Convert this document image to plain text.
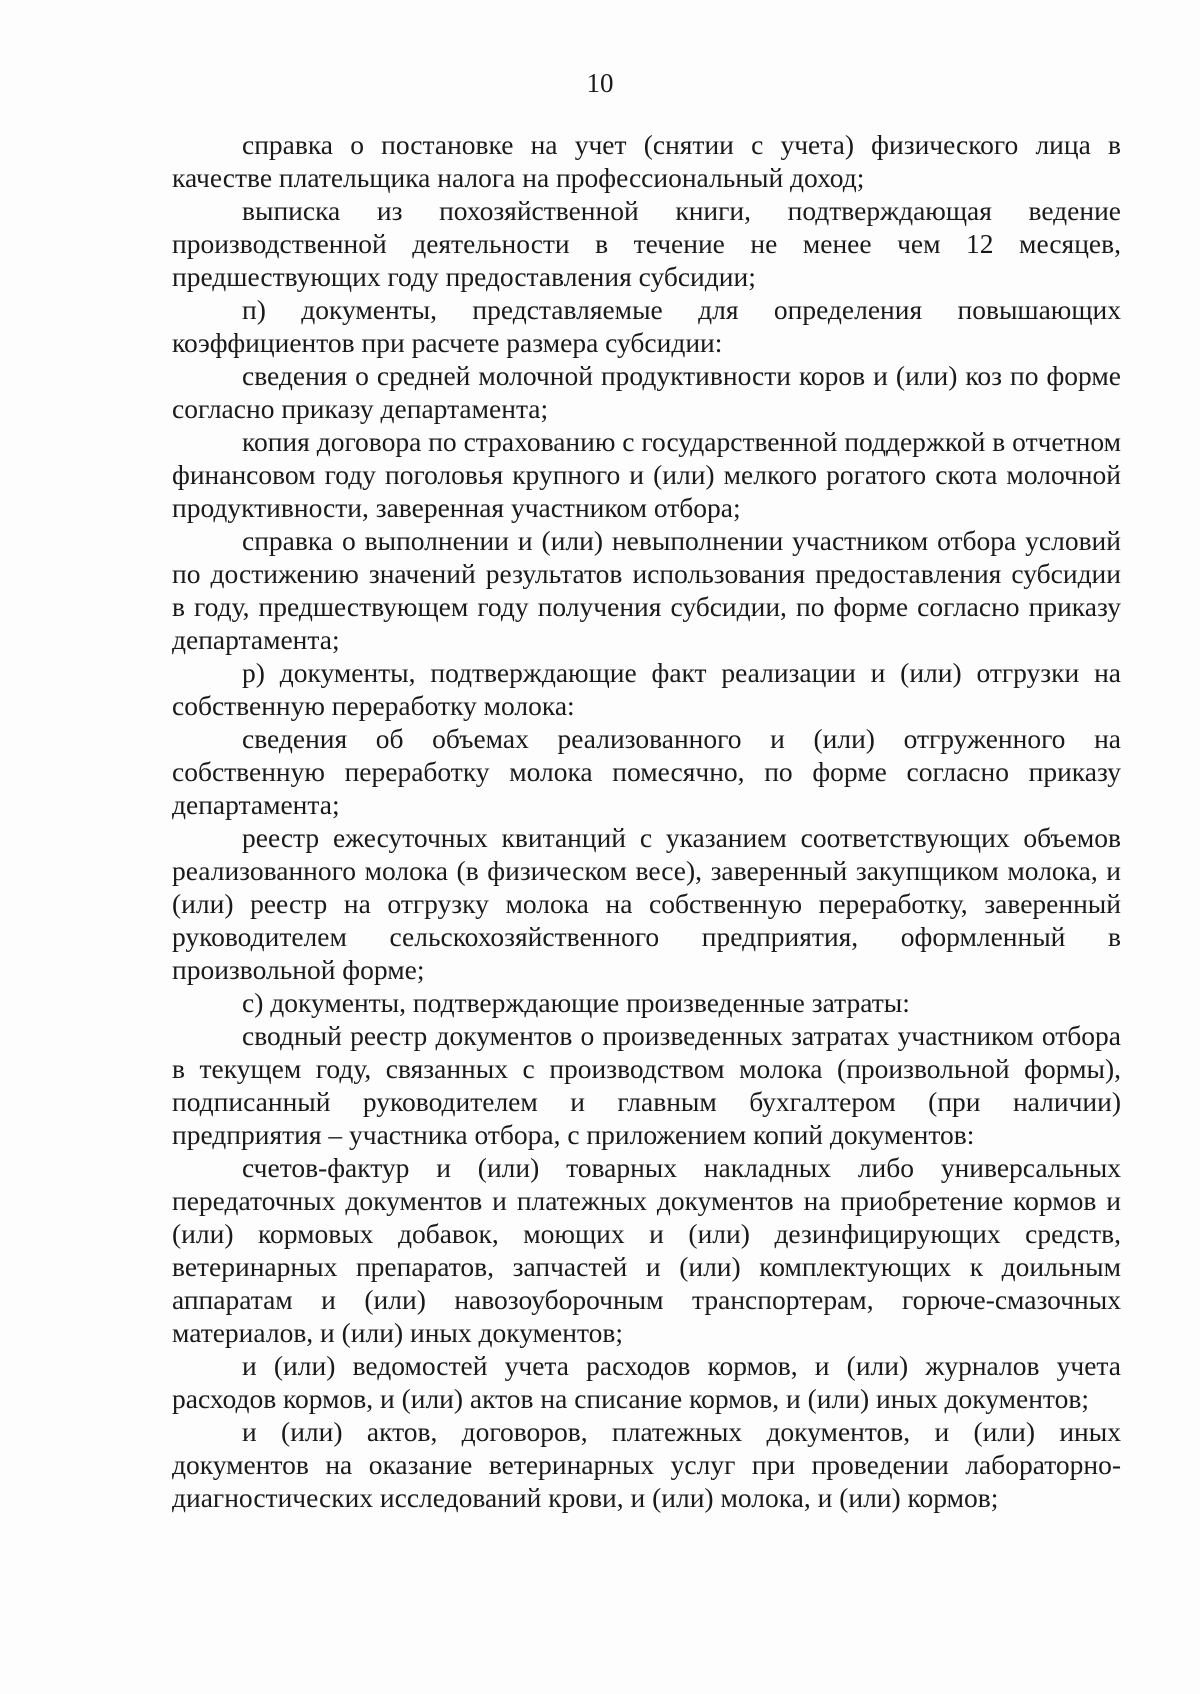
10

справка о постановке на учет (снятии с учета) физического лица в качестве плательщика налога на профессиональный доход;

выписка из похозяйственной книги, подтверждающая ведение производственной деятельности в течение не менее чем 12 месяцев, предшествующих году предоставления субсидии;

п) документы, представляемые для определения повышающих коэффициентов при расчете размера субсидии:

сведения о средней молочной продуктивности коров и (или) коз по форме согласно приказу департамента;

копия договора по страхованию с государственной поддержкой в отчетном финансовом году поголовья крупного и (или) мелкого рогатого скота молочной продуктивности, заверенная участником отбора;

справка о выполнении и (или) невыполнении участником отбора условий по достижению значений результатов использования предоставления субсидии в году, предшествующем году получения субсидии, по форме согласно приказу департамента;

р) документы, подтверждающие факт реализации и (или) отгрузки на собственную переработку молока:

сведения об объемах реализованного и (или) отгруженного на собственную переработку молока помесячно, по форме согласно приказу департамента;

реестр ежесуточных квитанций с указанием соответствующих объемов реализованного молока (в физическом весе), заверенный закупщиком молока, и (или) реестр на отгрузку молока на собственную переработку, заверенный руководителем сельскохозяйственного предприятия, оформленный в произвольной форме;

с) документы, подтверждающие произведенные затраты:

сводный реестр документов о произведенных затратах участником отбора в текущем году, связанных с производством молока (произвольной формы), подписанный руководителем и главным бухгалтером (при наличии) предприятия – участника отбора, с приложением копий документов:

счетов-фактур и (или) товарных накладных либо универсальных передаточных документов и платежных документов на приобретение кормов и (или) кормовых добавок, моющих и (или) дезинфицирующих средств, ветеринарных препаратов, запчастей и (или) комплектующих к доильным аппаратам и (или) навозоуборочным транспортерам, горюче-смазочных материалов, и (или) иных документов;

и (или) ведомостей учета расходов кормов, и (или) журналов учета расходов кормов, и (или) актов на списание кормов, и (или) иных документов;

и (или) актов, договоров, платежных документов, и (или) иных документов на оказание ветеринарных услуг при проведении лабораторно-диагностических исследований крови, и (или) молока, и (или) кормов;
